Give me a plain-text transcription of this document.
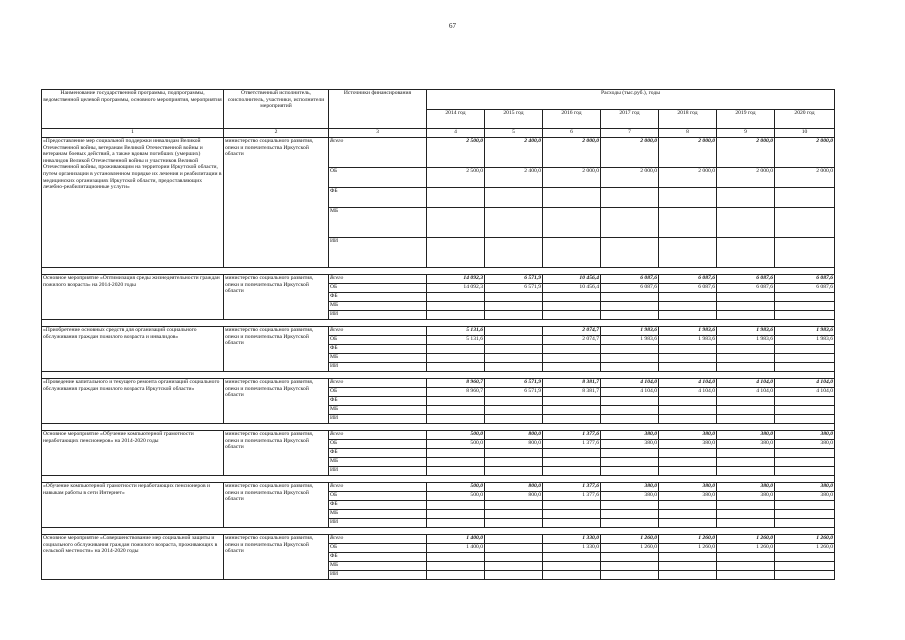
67
Наименование государственной программы, подпрограммы, ведомственной целевой программы, основного мероприятия, мероприятия	Ответственный исполнитель, соисполнитель, участники, исполнители мероприятий	Источники финансирования	Расходы (тыс.руб.), годы						
			2014 год	2015 год	2016 год	2017 год	2018 год	2019 год	2020 год
1	2	3	4	5	6	7	8	9	10
«Предоставление мер социальной поддержки инвалидам Великой Отечественной войны, ветеранам Великой Отечественной войны и ветеранам боевых действий, а также вдовам погибших (умерших) инвалидов Великой Отечественной войны и участников Великой Отечественной войны, проживающим на территории Иркутской области, путем организации в установленном порядке их лечения и реабилитации в медицинских организациях Иркутской области, предоставляющих лечебно-реабилитационные услуги»	министерство социального развития, опеки и попечительства Иркутской области	Всего	2 500,0	2 400,0	2 000,0	2 000,0	2 000,0	2 000,0	2 000,0
		ОБ	2 500,0	2 400,0	2 000,0	2 000,0	2 000,0	2 000,0	2 000,0
		ФБ							
		МБ							
		ИИ							

Основное мероприятие «Оптимизация среды жизнедеятельности граждан пожилого возраста» на 2014-2020 годы	министерство социального развития, опеки и попечительства Иркутской области	Всего	14 092,3	6 571,9	10 456,4	6 087,6	6 087,6	6 087,6	6 087,6
		ОБ	14 092,3	6 571,9	10 456,4	6 087,6	6 087,6	6 087,6	6 087,6
		ФБ							
		МБ							
		ИИ							

«Приобретение основных средств для организаций социального обслуживания граждан пожилого возраста и инвалидов»	министерство социального развития, опеки и попечительства Иркутской области	Всего	5 131,6		2 074,7	1 983,6	1 983,6	1 983,6	1 983,6
		ОБ	5 131,6		2 074,7	1 983,6	1 983,6	1 983,6	1 983,6
		ФБ							
		МБ							
		ИИ							

«Проведение капитального и текущего ремонта организаций социального обслуживания граждан пожилого возраста Иркутской области»	министерство социального развития, опеки и попечительства Иркутской области	Всего	8 960,7	6 571,9	8 381,7	4 104,0	4 104,0	4 104,0	4 104,0
		ОБ	8 960,7	6 571,9	8 381,7	4 104,0	4 104,0	4 104,0	4 104,0
		ФБ							
		МБ							
		ИИ							

Основное мероприятие «Обучение компьютерной грамотности неработающих пенсионеров» на 2014-2020 годы	министерство социального развития, опеки и попечительства Иркутской области	Всего	500,0	800,0	1 377,6	380,0	380,0	380,0	380,0
		ОБ	500,0	800,0	1 377,6	380,0	380,0	380,0	380,0
		ФБ							
		МБ							
		ИИ							

«Обучение компьютерной грамотности неработающих пенсионеров и навыкам работы в сети Интернет»	министерство социального развития, опеки и попечительства Иркутской области	Всего	500,0	800,0	1 377,6	380,0	380,0	380,0	380,0
		ОБ	500,0	800,0	1 377,6	380,0	380,0	380,0	380,0
		ФБ							
		МБ							
		ИИ							

Основное мероприятие «Совершенствование мер социальной защиты и социального обслуживания граждан пожилого возраста, проживающих в сельской местности» на 2014-2020 годы	министерство социального развития, опеки и попечительства Иркутской области	Всего	1 400,0		1 330,0	1 260,0	1 260,0	1 260,0	1 260,0
		ОБ	1 400,0		1 330,0	1 260,0	1 260,0	1 260,0	1 260,0
		ФБ							
		МБ							
		ИИ							
